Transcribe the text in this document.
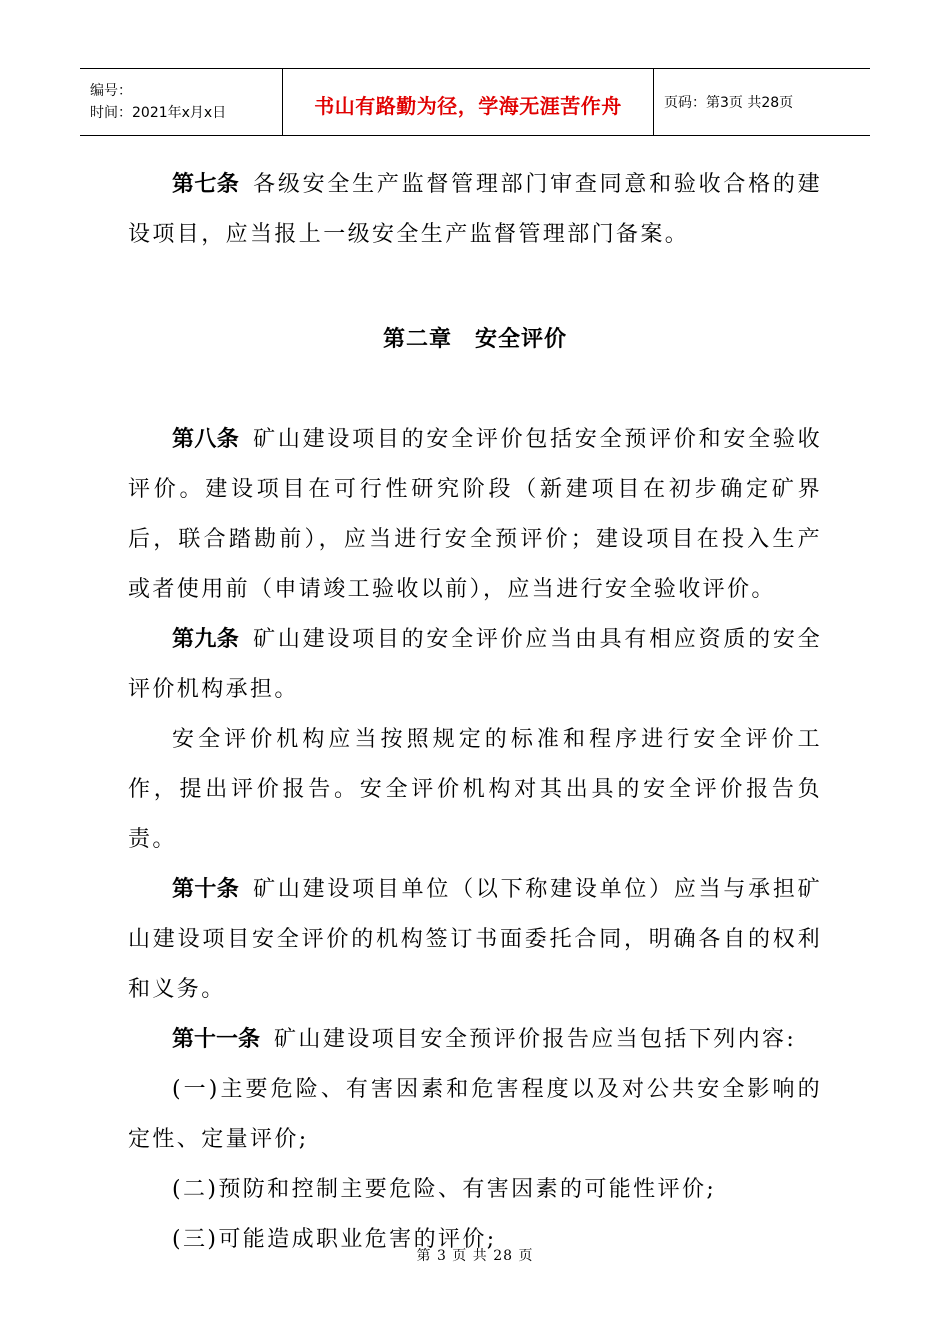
编号：
时间：2021年x月x日	书山有路勤为径，学海无涯苦作舟	页码：第3页 共28页

第七条 各级安全生产监督管理部门审查同意和验收合格的建设项目，应当报上一级安全生产监督管理部门备案。

第二章　安全评价

第八条 矿山建设项目的安全评价包括安全预评价和安全验收评价。建设项目在可行性研究阶段（新建项目在初步确定矿界后，联合踏勘前），应当进行安全预评价；建设项目在投入生产或者使用前（申请竣工验收以前），应当进行安全验收评价。

第九条 矿山建设项目的安全评价应当由具有相应资质的安全评价机构承担。

安全评价机构应当按照规定的标准和程序进行安全评价工作，提出评价报告。安全评价机构对其出具的安全评价报告负责。

第十条 矿山建设项目单位（以下称建设单位）应当与承担矿山建设项目安全评价的机构签订书面委托合同，明确各自的权利和义务。

第十一条 矿山建设项目安全预评价报告应当包括下列内容:

(一)主要危险、有害因素和危害程度以及对公共安全影响的定性、定量评价;

(二)预防和控制主要危险、有害因素的可能性评价;

(三)可能造成职业危害的评价;

第 3 页 共 28 页
